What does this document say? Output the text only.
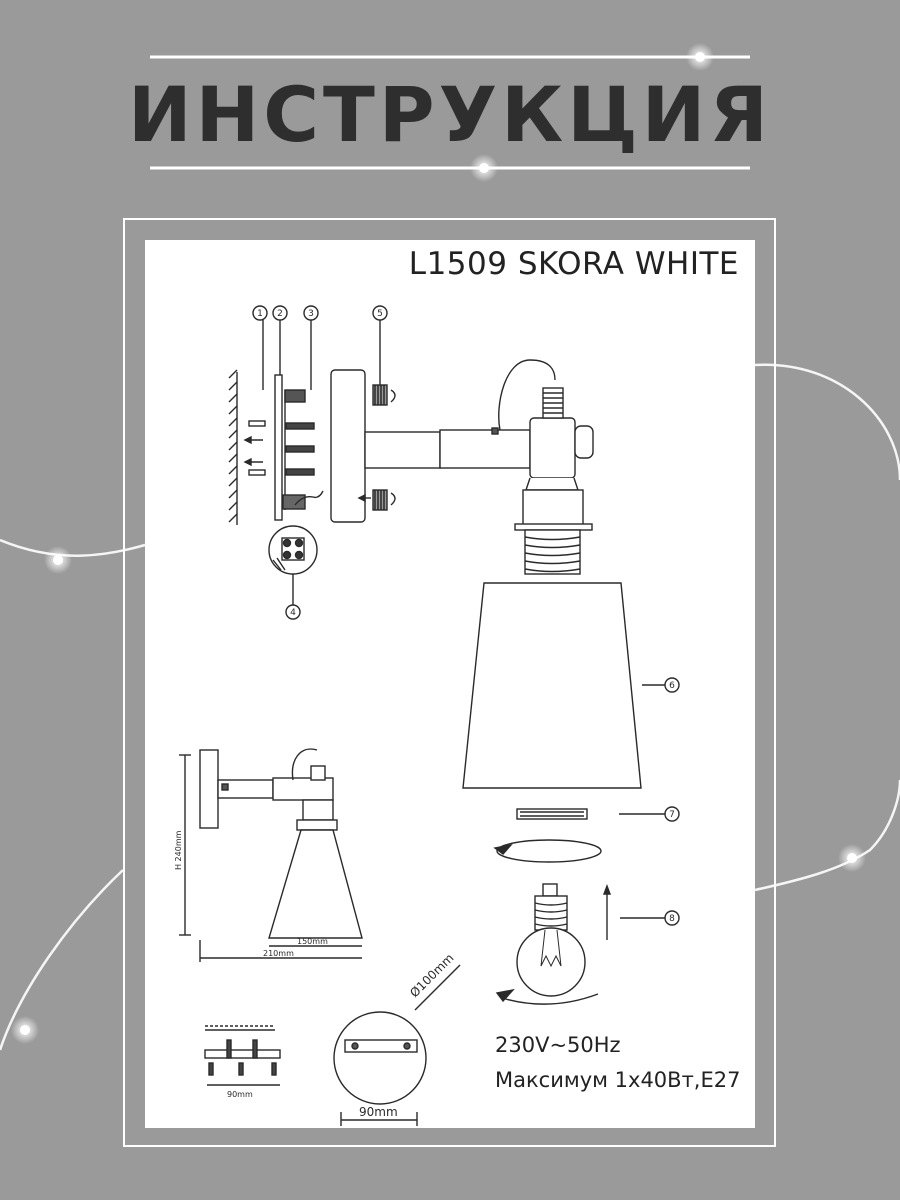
ИНСТРУКЦИЯ
1 2	3	5
4
6
7
8
150mm
210mm
H 240mm
90mm
Ø100mm
90mm
L1509 SKORA WHITE
230V~50Hz
Максимум 1х40Вт,E27
